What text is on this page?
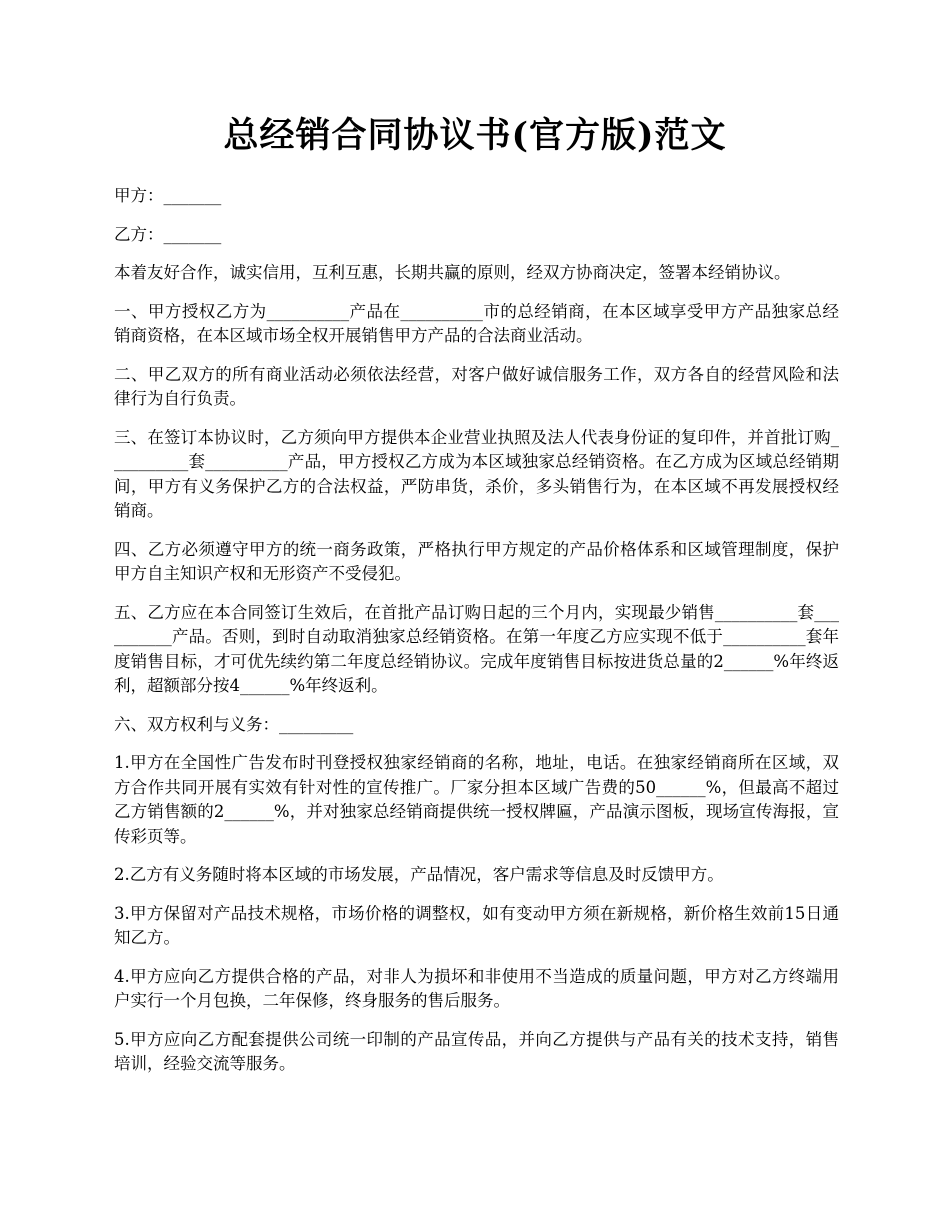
总经销合同协议书(官方版)范文

甲方：_______

乙方：_______

本着友好合作，诚实信用，互利互惠，长期共赢的原则，经双方协商决定，签署本经销协议。

一、甲方授权乙方为__________产品在__________市的总经销商，在本区域享受甲方产品独家总经销商资格，在本区域市场全权开展销售甲方产品的合法商业活动。

二、甲乙双方的所有商业活动必须依法经营，对客户做好诚信服务工作，双方各自的经营风险和法律行为自行负责。

三、在签订本协议时，乙方须向甲方提供本企业营业执照及法人代表身份证的复印件，并首批订购__________套__________产品，甲方授权乙方成为本区域独家总经销资格。在乙方成为区域总经销期间，甲方有义务保护乙方的合法权益，严防串货，杀价，多头销售行为，在本区域不再发展授权经销商。

四、乙方必须遵守甲方的统一商务政策，严格执行甲方规定的产品价格体系和区域管理制度，保护甲方自主知识产权和无形资产不受侵犯。

五、乙方应在本合同签订生效后，在首批产品订购日起的三个月内，实现最少销售__________套__________产品。否则，到时自动取消独家总经销资格。在第一年度乙方应实现不低于__________套年度销售目标，才可优先续约第二年度总经销协议。完成年度销售目标按进货总量的2______%年终返利，超额部分按4______%年终返利。

六、双方权利与义务：_________

1.甲方在全国性广告发布时刊登授权独家经销商的名称，地址，电话。在独家经销商所在区域，双方合作共同开展有实效有针对性的宣传推广。厂家分担本区域广告费的50______%，但最高不超过乙方销售额的2______%，并对独家总经销商提供统一授权牌匾，产品演示图板，现场宣传海报，宣传彩页等。

2.乙方有义务随时将本区域的市场发展，产品情况，客户需求等信息及时反馈甲方。

3.甲方保留对产品技术规格，市场价格的调整权，如有变动甲方须在新规格，新价格生效前15日通知乙方。

4.甲方应向乙方提供合格的产品，对非人为损坏和非使用不当造成的质量问题，甲方对乙方终端用户实行一个月包换，二年保修，终身服务的售后服务。

5.甲方应向乙方配套提供公司统一印制的产品宣传品，并向乙方提供与产品有关的技术支持，销售培训，经验交流等服务。
